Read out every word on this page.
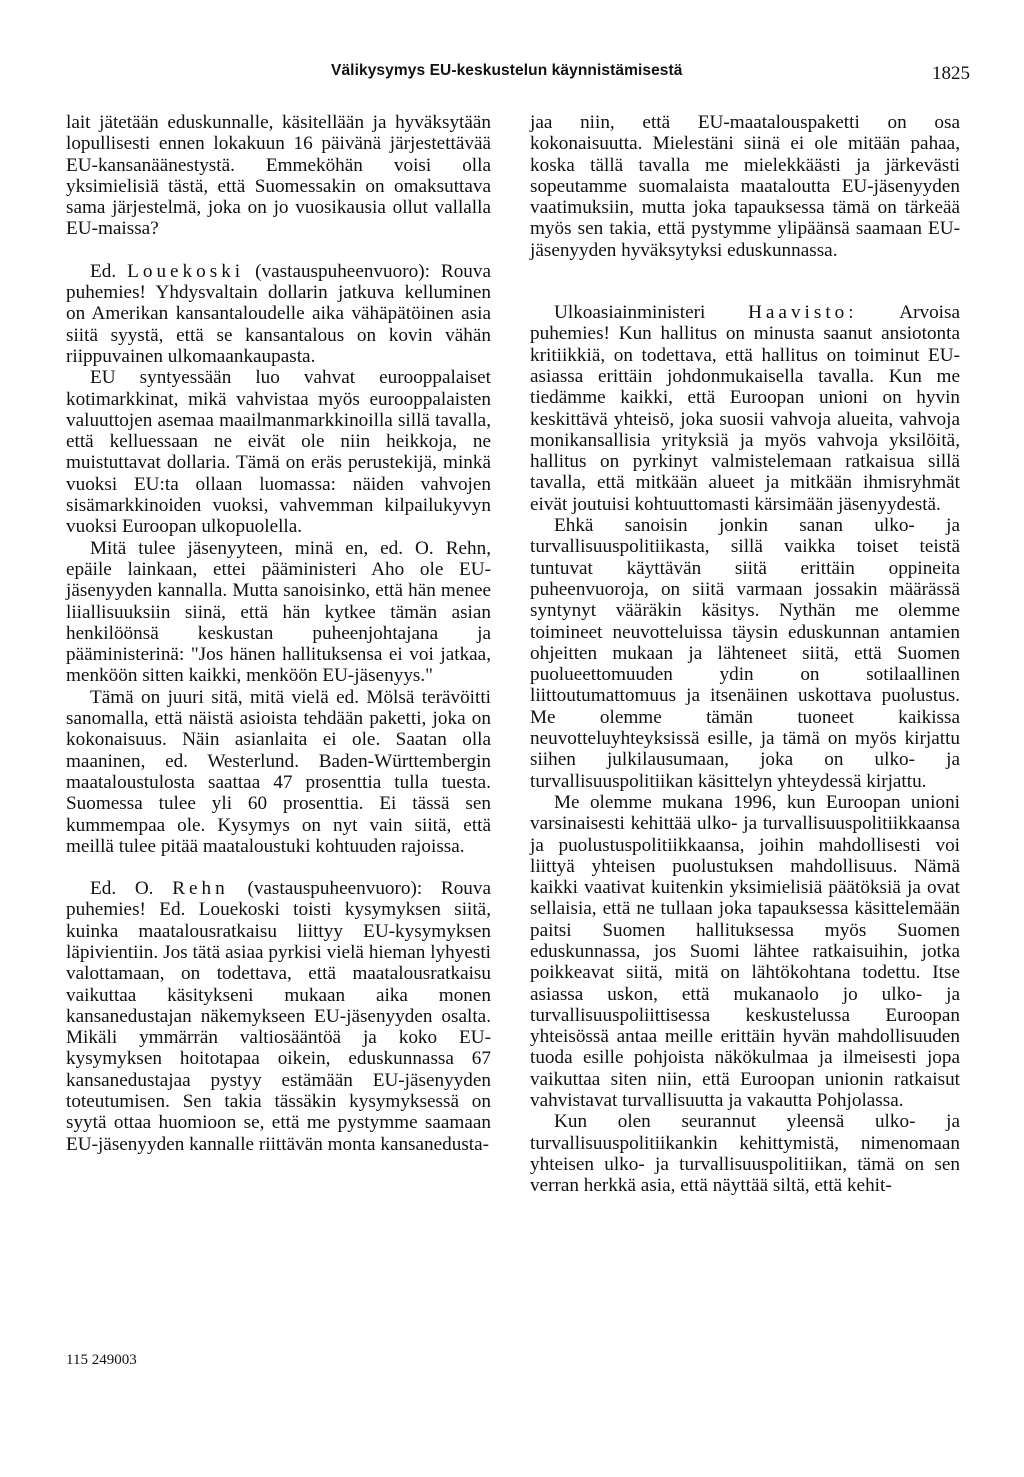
Välikysymys EU-keskustelun käynnistämisestä	1825

lait jätetään eduskunnalle, käsitellään ja hyväksytään lopullisesti ennen lokakuun 16 päivänä järjestettävää EU-kansanäänestystä. Emmeköhän voisi olla yksimielisiä tästä, että Suomessakin on omaksuttava sama järjestelmä, joka on jo vuosikausia ollut vallalla EU-maissa?

Ed. Louekoski (vastauspuheenvuoro): Rouva puhemies! Yhdysvaltain dollarin jatkuva kelluminen on Amerikan kansantaloudelle aika vähäpätöinen asia siitä syystä, että se kansantalous on kovin vähän riippuvainen ulkomaankaupasta.

EU syntyessään luo vahvat eurooppalaiset kotimarkkinat, mikä vahvistaa myös eurooppalaisten valuuttojen asemaa maailmanmarkkinoilla sillä tavalla, että kelluessaan ne eivät ole niin heikkoja, ne muistuttavat dollaria. Tämä on eräs perustekijä, minkä vuoksi EU:ta ollaan luomassa: näiden vahvojen sisämarkkinoiden vuoksi, vahvemman kilpailukyvyn vuoksi Euroopan ulkopuolella.

Mitä tulee jäsenyyteen, minä en, ed. O. Rehn, epäile lainkaan, ettei pääministeri Aho ole EU-jäsenyyden kannalla. Mutta sanoisinko, että hän menee liiallisuuksiin siinä, että hän kytkee tämän asian henkilöönsä keskustan puheenjohtajana ja pääministerinä: "Jos hänen hallituksensa ei voi jatkaa, menköön sitten kaikki, menköön EU-jäsenyys."

Tämä on juuri sitä, mitä vielä ed. Mölsä terävöitti sanomalla, että näistä asioista tehdään paketti, joka on kokonaisuus. Näin asianlaita ei ole. Saatan olla maaninen, ed. Westerlund. Baden-Württembergin maataloustulosta saattaa 47 prosenttia tulla tuesta. Suomessa tulee yli 60 prosenttia. Ei tässä sen kummempaa ole. Kysymys on nyt vain siitä, että meillä tulee pitää maataloustuki kohtuuden rajoissa.

Ed. O. Rehn (vastauspuheenvuoro): Rouva puhemies! Ed. Louekoski toisti kysymyksen siitä, kuinka maatalousratkaisu liittyy EU-kysymyksen läpivientiin. Jos tätä asiaa pyrkisi vielä hieman lyhyesti valottamaan, on todettava, että maatalousratkaisu vaikuttaa käsitykseni mukaan aika monen kansanedustajan näkemykseen EU-jäsenyyden osalta. Mikäli ymmärrän valtiosääntöä ja koko EU-kysymyksen hoitotapaa oikein, eduskunnassa 67 kansanedustajaa pystyy estämään EU-jäsenyyden toteutumisen. Sen takia tässäkin kysymyksessä on syytä ottaa huomioon se, että me pystymme saamaan EU-jäsenyyden kannalle riittävän monta kansanedusta-

jaa niin, että EU-maatalouspaketti on osa kokonaisuutta. Mielestäni siinä ei ole mitään pahaa, koska tällä tavalla me mielekkäästi ja järkevästi sopeutamme suomalaista maataloutta EU-jäsenyyden vaatimuksiin, mutta joka tapauksessa tämä on tärkeää myös sen takia, että pystymme ylipäänsä saamaan EU-jäsenyyden hyväksytyksi eduskunnassa.

Ulkoasiainministeri Haavisto: Arvoisa puhemies! Kun hallitus on minusta saanut ansiotonta kritiikkiä, on todettava, että hallitus on toiminut EU-asiassa erittäin johdonmukaisella tavalla. Kun me tiedämme kaikki, että Euroopan unioni on hyvin keskittävä yhteisö, joka suosii vahvoja alueita, vahvoja monikansallisia yrityksiä ja myös vahvoja yksilöitä, hallitus on pyrkinyt valmistelemaan ratkaisua sillä tavalla, että mitkään alueet ja mitkään ihmisryhmät eivät joutuisi kohtuuttomasti kärsimään jäsenyydestä.

Ehkä sanoisin jonkin sanan ulko- ja turvallisuuspolitiikasta, sillä vaikka toiset teistä tuntuvat käyttävän siitä erittäin oppineita puheenvuoroja, on siitä varmaan jossakin määrässä syntynyt vääräkin käsitys. Nythän me olemme toimineet neuvotteluissa täysin eduskunnan antamien ohjeitten mukaan ja lähteneet siitä, että Suomen puolueettomuuden ydin on sotilaallinen liittoutumattomuus ja itsenäinen uskottava puolustus. Me olemme tämän tuoneet kaikissa neuvotteluyhteyksissä esille, ja tämä on myös kirjattu siihen julkilausumaan, joka on ulko- ja turvallisuuspolitiikan käsittelyn yhteydessä kirjattu.

Me olemme mukana 1996, kun Euroopan unioni varsinaisesti kehittää ulko- ja turvallisuuspolitiikkaansa ja puolustuspolitiikkaansa, joihin mahdollisesti voi liittyä yhteisen puolustuksen mahdollisuus. Nämä kaikki vaativat kuitenkin yksimielisiä päätöksiä ja ovat sellaisia, että ne tullaan joka tapauksessa käsittelemään paitsi Suomen hallituksessa myös Suomen eduskunnassa, jos Suomi lähtee ratkaisuihin, jotka poikkeavat siitä, mitä on lähtökohtana todettu. Itse asiassa uskon, että mukanaolo jo ulko- ja turvallisuuspoliittisessa keskustelussa Euroopan yhteisössä antaa meille erittäin hyvän mahdollisuuden tuoda esille pohjoista näkökulmaa ja ilmeisesti jopa vaikuttaa siten niin, että Euroopan unionin ratkaisut vahvistavat turvallisuutta ja vakautta Pohjolassa.

Kun olen seurannut yleensä ulko- ja turvallisuuspolitiikankin kehittymistä, nimenomaan yhteisen ulko- ja turvallisuuspolitiikan, tämä on sen verran herkkä asia, että näyttää siltä, että kehit-

115 249003
